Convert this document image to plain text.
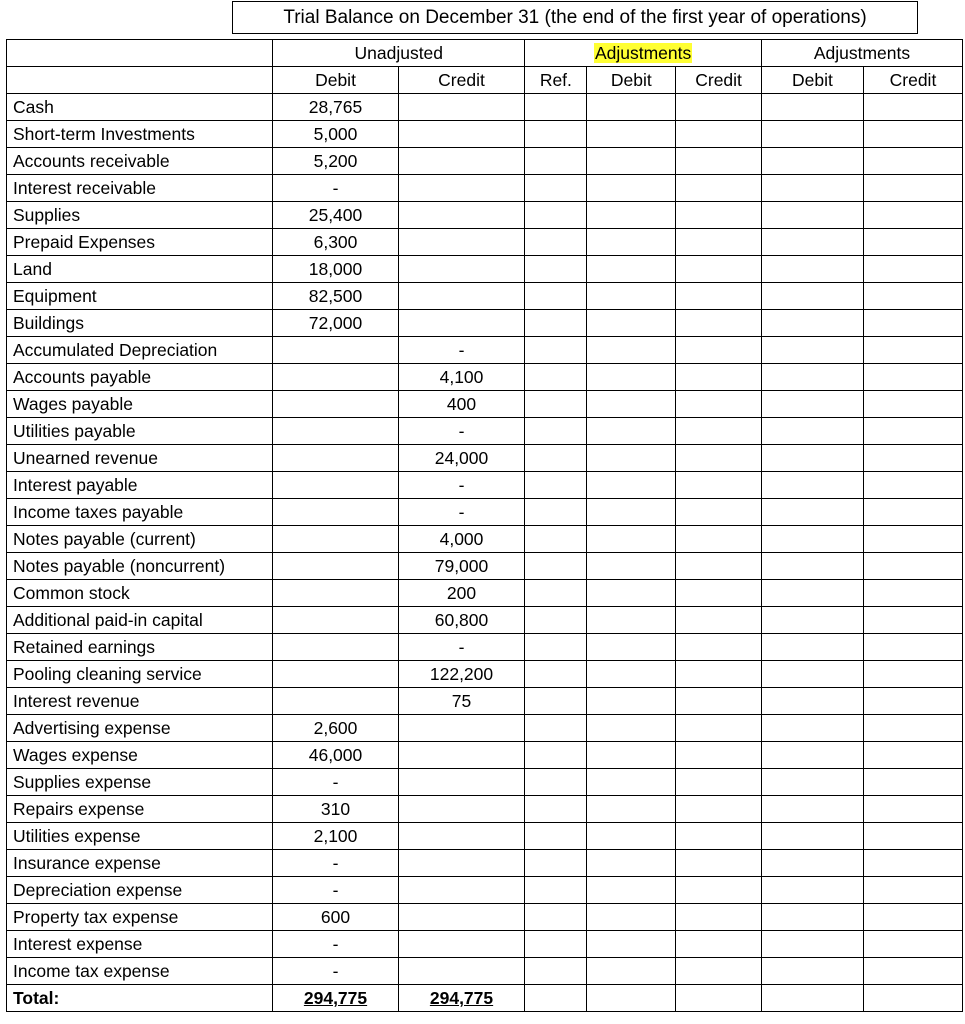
Trial Balance on December 31 (the end of the first year of operations)
	Unadjusted		Adjustments			Adjustments	
	Debit	Credit	Ref.	Debit	Credit	Debit	Credit
Cash	28,765						
Short-term Investments	5,000						
Accounts receivable	5,200						
Interest receivable	-						
Supplies	25,400						
Prepaid Expenses	6,300						
Land	18,000						
Equipment	82,500						
Buildings	72,000						
Accumulated Depreciation		-					
Accounts payable		4,100					
Wages payable		400					
Utilities payable		-					
Unearned revenue		24,000					
Interest payable		-					
Income taxes payable		-					
Notes payable (current)		4,000					
Notes payable (noncurrent)		79,000					
Common stock		200					
Additional paid-in capital		60,800					
Retained earnings		-					
Pooling cleaning service		122,200					
Interest revenue		75					
Advertising expense	2,600						
Wages expense	46,000						
Supplies expense	-						
Repairs expense	310						
Utilities expense	2,100						
Insurance expense	-						
Depreciation expense	-						
Property tax expense	600						
Interest expense	-						
Income tax expense	-						
Total:	294,775	294,775					
